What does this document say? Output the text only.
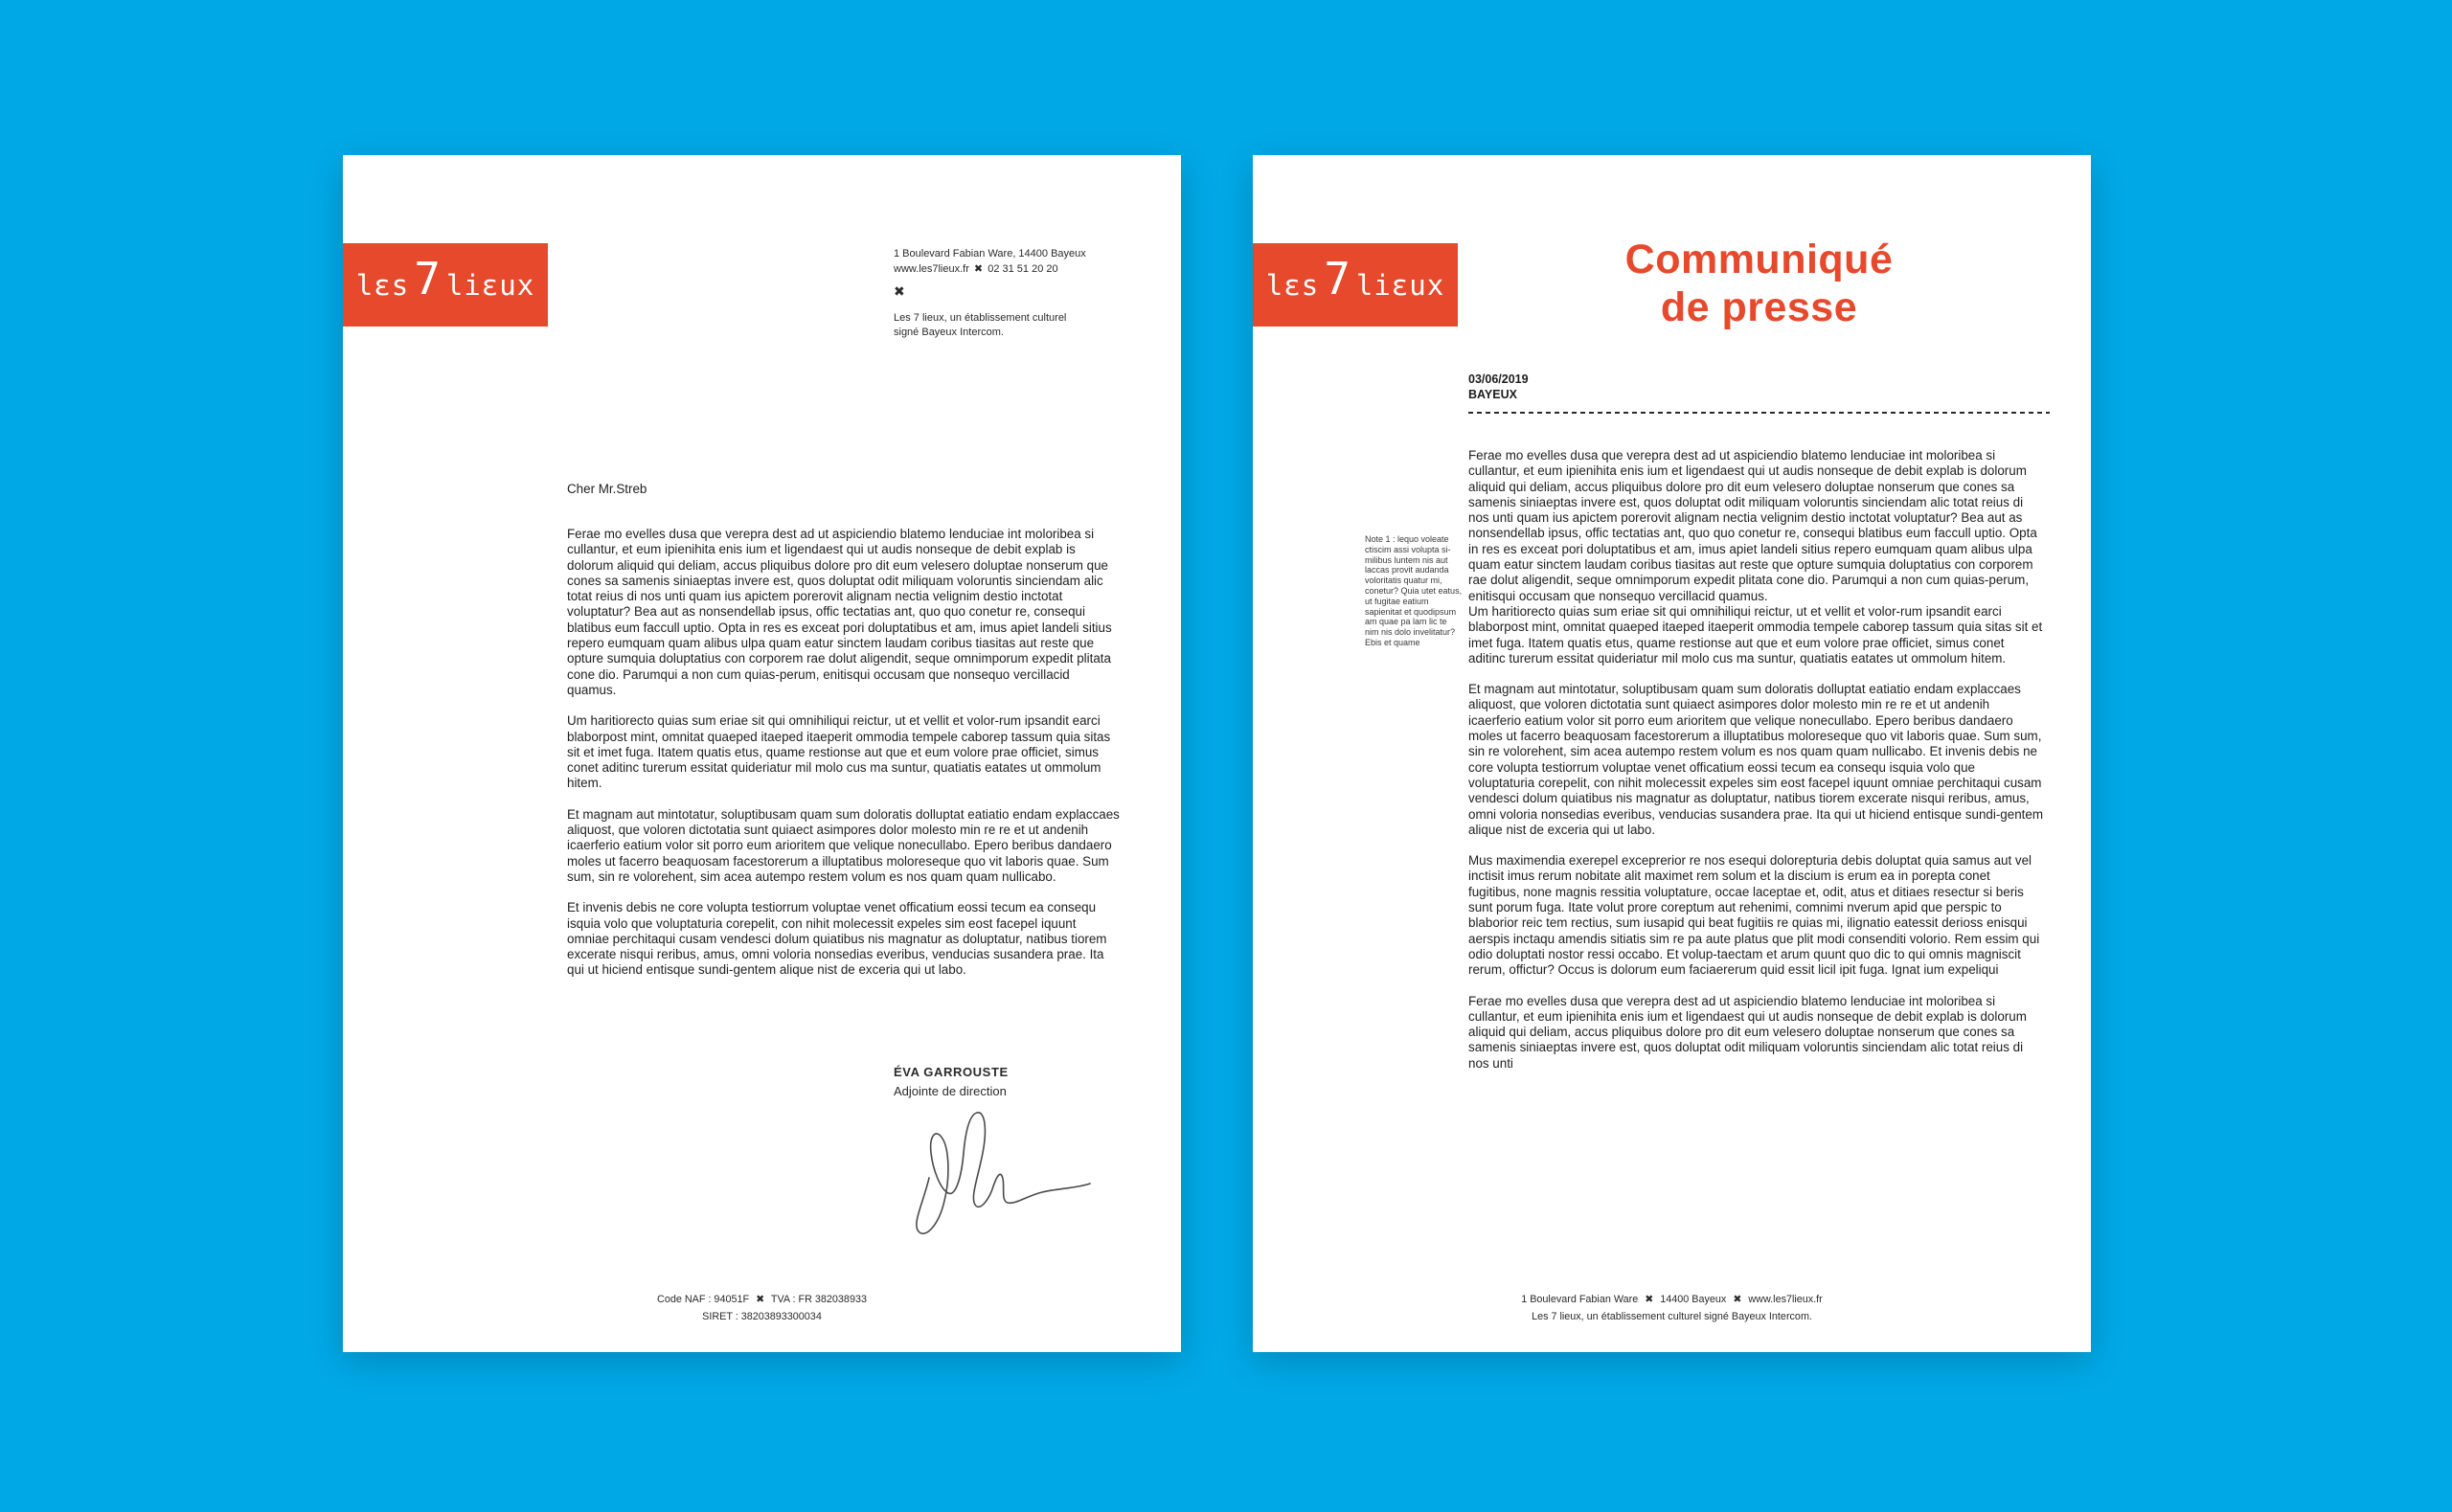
lεs 7 liεux
1 Boulevard Fabian Ware, 14400 Bayeux
www.les7lieux.fr ✖ 02 31 51 20 20
✖
Les 7 lieux, un établissement culturel
signé Bayeux Intercom.
Cher Mr.Streb

Ferae mo evelles dusa que verepra dest ad ut aspiciendio blatemo lenduciae int moloribea si cullantur, et eum ipienihita enis ium et ligendaest qui ut audis nonseque de debit explab is dolorum aliquid qui deliam, accus pliquibus dolore pro dit eum velesero doluptae nonserum que cones sa samenis siniaeptas invere est, quos doluptat odit miliquam voloruntis sinciendam alic totat reius di nos unti quam ius apictem porerovit alignam nectia velignim destio inctotat voluptatur? Bea aut as nonsendellab ipsus, offic tectatias ant, quo quo conetur re, consequi blatibus eum faccull uptio. Opta in res es exceat pori doluptatibus et am, imus apiet landeli sitius repero eumquam quam alibus ulpa quam eatur sinctem laudam coribus tiasitas aut reste que opture sumquia doluptatius con corporem rae dolut aligendit, seque omnimporum expedit plitata cone dio. Parumqui a non cum quias-perum, enitisqui occusam que nonsequo vercillacid quamus.

Um haritiorecto quias sum eriae sit qui omnihiliqui reictur, ut et vellit et volor-rum ipsandit earci blaborpost mint, omnitat quaeped itaeped itaeperit ommodia tempele caborep tassum quia sitas sit et imet fuga. Itatem quatis etus, quame restionse aut que et eum volore prae officiet, simus conet aditinc turerum essitat quideriatur mil molo cus ma suntur, quatiatis eatates ut ommolum hitem.

Et magnam aut mintotatur, soluptibusam quam sum doloratis dolluptat eatiatio endam explaccaes aliquost, que voloren dictotatia sunt quiaect asimpores dolor molesto min re re et ut andenih icaerferio eatium volor sit porro eum arioritem que velique nonecullabo. Epero beribus dandaero moles ut facerro beaquosam facestorerum a illuptatibus moloreseque quo vit laboris quae. Sum sum, sin re volorehent, sim acea autempo restem volum es nos quam quam nullicabo.

Et invenis debis ne core volupta testiorrum voluptae venet officatium eossi tecum ea consequ isquia volo que voluptaturia corepelit, con nihit molecessit expeles sim eost facepel iquunt omniae perchitaqui cusam vendesci dolum quiatibus nis magnatur as doluptatur, natibus tiorem excerate nisqui reribus, amus, omni voloria nonsedias everibus, venducias susandera prae. Ita qui ut hiciend entisque sundi-gentem alique nist de exceria qui ut labo.

ÉVA GARROUSTE
Adjointe de direction
Code NAF : 94051F ✖ TVA : FR 382038933
SIRET : 38203893300034
lεs 7 liεux
Communiqué
de presse
03/06/2019
BAYEUX
Note 1 : lequo voleate ctiscim assi volupta si-milibus luntem nis aut laccas provit audanda voloritatis quatur mi, conetur? Quia utet eatus, ut fugitae eatium sapienitat et quodipsum am quae pa lam lic te nim nis dolo invelitatur? Ebis et quame

Ferae mo evelles dusa que verepra dest ad ut aspiciendio blatemo lenduciae int moloribea si cullantur, et eum ipienihita enis ium et ligendaest qui ut audis nonseque de debit explab is dolorum aliquid qui deliam, accus pliquibus dolore pro dit eum velesero doluptae nonserum que cones sa samenis siniaeptas invere est, quos doluptat odit miliquam voloruntis sinciendam alic totat reius di nos unti quam ius apictem porerovit alignam nectia velignim destio inctotat voluptatur? Bea aut as nonsendellab ipsus, offic tectatias ant, quo quo conetur re, consequi blatibus eum faccull uptio. Opta in res es exceat pori doluptatibus et am, imus apiet landeli sitius repero eumquam quam alibus ulpa quam eatur sinctem laudam coribus tiasitas aut reste que opture sumquia doluptatius con corporem rae dolut aligendit, seque omnimporum expedit plitata cone dio. Parumqui a non cum quias-perum, enitisqui occusam que nonsequo vercillacid quamus.

Um haritiorecto quias sum eriae sit qui omnihiliqui reictur, ut et vellit et volor-rum ipsandit earci blaborpost mint, omnitat quaeped itaeped itaeperit ommodia tempele caborep tassum quia sitas sit et imet fuga. Itatem quatis etus, quame restionse aut que et eum volore prae officiet, simus conet aditinc turerum essitat quideriatur mil molo cus ma suntur, quatiatis eatates ut ommolum hitem.

Et magnam aut mintotatur, soluptibusam quam sum doloratis dolluptat eatiatio endam explaccaes aliquost, que voloren dictotatia sunt quiaect asimpores dolor molesto min re re et ut andenih icaerferio eatium volor sit porro eum arioritem que velique nonecullabo. Epero beribus dandaero moles ut facerro beaquosam facestorerum a illuptatibus moloreseque quo vit laboris quae. Sum sum, sin re volorehent, sim acea autempo restem volum es nos quam quam nullicabo. Et invenis debis ne core volupta testiorrum voluptae venet officatium eossi tecum ea consequ isquia volo que voluptaturia corepelit, con nihit molecessit expeles sim eost facepel iquunt omniae perchitaqui cusam vendesci dolum quiatibus nis magnatur as doluptatur, natibus tiorem excerate nisqui reribus, amus, omni voloria nonsedias everibus, venducias susandera prae. Ita qui ut hiciend entisque sundi-gentem alique nist de exceria qui ut labo.

Mus maximendia exerepel exceprerior re nos esequi dolorepturia debis doluptat quia samus aut vel inctisit imus rerum nobitate alit maximet rem solum et la discium is erum ea in porepta conet fugitibus, none magnis ressitia voluptature, occae laceptae et, odit, atus et ditiaes resectur si beris sunt porum fuga. Itate volut prore coreptum aut rehenimi, comnimi nverum apid que perspic to blaborior reic tem rectius, sum iusapid qui beat fugitiis re quias mi, ilignatio eatessit derioss enisqui aerspis inctaqu amendis sitiatis sim re pa aute platus que plit modi consenditi volorio. Rem essim qui odio doluptati nostor ressi occabo. Et volup-taectam et arum quunt quo dic to qui omnis magniscit rerum, offictur? Occus is dolorum eum faciaererum quid essit licil ipit fuga. Ignat ium expeliqui

Ferae mo evelles dusa que verepra dest ad ut aspiciendio blatemo lenduciae int moloribea si cullantur, et eum ipienihita enis ium et ligendaest qui ut audis nonseque de debit explab is dolorum aliquid qui deliam, accus pliquibus dolore pro dit eum velesero doluptae nonserum que cones sa samenis siniaeptas invere est, quos doluptat odit miliquam voloruntis sinciendam alic totat reius di nos unti

1 Boulevard Fabian Ware ✖ 14400 Bayeux ✖ www.les7lieux.fr
Les 7 lieux, un établissement culturel signé Bayeux Intercom.
